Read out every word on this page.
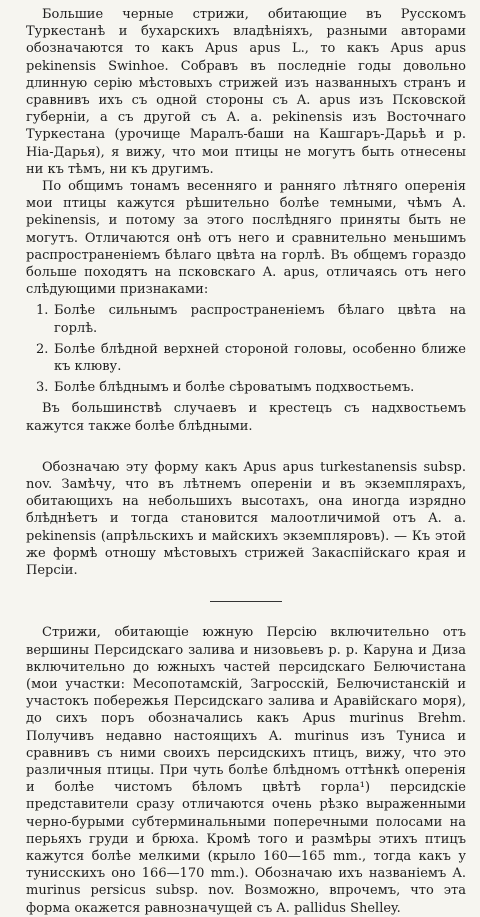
Большие черные стрижи, обитающие въ Русскомъ Туркестанѣ и бухарскихъ владѣніяхъ, разными авторами обозначаются то какъ Apus apus L., то какъ Apus apus pekinensis Swinhoe. Собравъ въ последніе годы довольно длинную серію мѣстовыхъ стрижей изъ названныхъ странъ и сравнивъ ихъ съ одной стороны съ A. apus изъ Псковской губерніи, а съ другой съ A. a. pekinensis изъ Восточнаго Туркестана (урочище Маралъ-баши на Кашгаръ-Дарьѣ и р. Ніа-Дарья), я вижу, что мои птицы не могутъ быть отнесены ни къ тѣмъ, ни къ другимъ.

По общимъ тонамъ весенняго и ранняго лѣтняго оперенія мои птицы кажутся рѣшительно болѣе темными, чѣмъ A. pekinensis, и потому за этого послѣдняго приняты быть не могутъ. Отличаются онѣ отъ него и сравнительно меньшимъ распространеніемъ бѣлаго цвѣта на горлѣ. Въ общемъ гораздо больше походятъ на псковскаго A. apus, отличаясь отъ него слѣдующими признаками:

1. Болѣе сильнымъ распространеніемъ бѣлаго цвѣта на горлѣ.
2. Болѣе блѣдной верхней стороной головы, особенно ближе къ клюву.
3. Болѣе блѣднымъ и болѣе сѣроватымъ подхвостьемъ.

Въ большинствѣ случаевъ и крестецъ съ надхвостьемъ кажутся также болѣе блѣдными.

Обозначаю эту форму какъ Apus apus turkestanensis subsp. nov. Замѣчу, что въ лѣтнемъ опереніи и въ экземплярахъ, обитающихъ на небольшихъ высотахъ, она иногда изрядно блѣднѣетъ и тогда становится малоотличимой отъ A. a. pekinensis (апрѣльскихъ и майскихъ экземпляровъ). — Къ этой же формѣ отношу мѣстовыхъ стрижей Закаспійскаго края и Персіи.

Стрижи, обитающіе южную Персію включительно отъ вершины Персидскаго залива и низовьевъ р. р. Каруна и Диза включительно до южныхъ частей персидскаго Белючистана (мои участки: Месопотамскій, Загросскій, Белючистанскій и участокъ побережья Персидскаго залива и Аравійскаго моря), до сихъ поръ обозначались какъ Apus murinus Brehm. Получивъ недавно настоящихъ A. murinus изъ Туниса и сравнивъ съ ними своихъ персидскихъ птицъ, вижу, что это различныя птицы. При чуть болѣе блѣдномъ оттѣнкѣ оперенія и болѣе чистомъ бѣломъ цвѣтѣ горла¹) персидскіе представители сразу отличаются очень рѣзко выраженными черно-бурыми субтерминальными поперечными полосами на перьяхъ груди и брюха. Кромѣ того и размѣры этихъ птицъ кажутся болѣе мелкими (крыло 160—165 mm., тогда какъ у тунисскихъ оно 166—170 mm.). Обозначаю ихъ названіемъ A. murinus persicus subsp. nov. Возможно, впрочемъ, что эта форма окажется равнозначущей съ A. pallidus Shelley.
